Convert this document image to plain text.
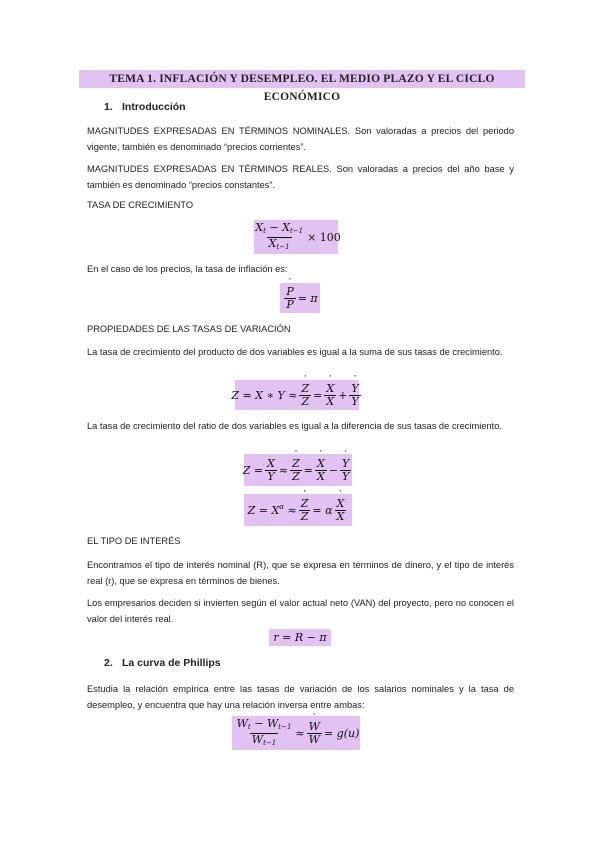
TEMA 1. INFLACIÓN Y DESEMPLEO. EL MEDIO PLAZO Y EL CICLO ECONÓMICO
1. Introducción
MAGNITUDES EXPRESADAS EN TÉRMINOS NOMINALES. Son valoradas a precios del periodo vigente, también es denominado “precios corrientes”.
MAGNITUDES EXPRESADAS EN TÉRMINOS REALES. Son valoradas a precios del año base y también es denominado “precios constantes”.
TASA DE CRECIMIENTO
$\frac{X_t - X_{t-1}}{X_{t-1}} \times 100$
En el caso de los precios, la tasa de inflación es:
˙ $\frac{P}{P} = \pi$
PROPIEDADES DE LAS TASAS DE VARIACIÓN
La tasa de crecimiento del producto de dos variables es igual a la suma de sus tasas de crecimiento.
Z = X ∗ Y ≈ ˙ $\frac{Z}{Z}$ = ˙ $\frac{X}{X}$ + ˙ $\frac{Y}{Y}$
La tasa de crecimiento del ratio de dos variables es igual a la diferencia de sus tasas de crecimiento.
$Z = \frac{X}{Y}$ ≈ ˙ $\frac{Z}{Z}$ = ˙ $\frac{X}{X}$ − ˙ $\frac{Y}{Y}$
$Z = X^\alpha$ ≈ ˙ $\frac{Z}{Z} = \alpha$ ˙ $\frac{X}{X}$
EL TIPO DE INTERÉS
Encontramos el tipo de interés nominal (R), que se expresa en términos de dinero, y el tipo de interés real (r), que se expresa en términos de bienes.
Los empresarios deciden si invierten según el valor actual neto (VAN) del proyecto, pero no conocen el valor del interés real.
r = R − π
2. La curva de Phillips
Estudia la relación empírica entre las tasas de variación de los salarios nominales y la tasa de desempleo, y encuentra que hay una relación inversa entre ambas:
$\frac{W_t - W_{t-1}}{W_{t-1}}$ ≈ ˙ $\frac{W}{W} = g(u)$
